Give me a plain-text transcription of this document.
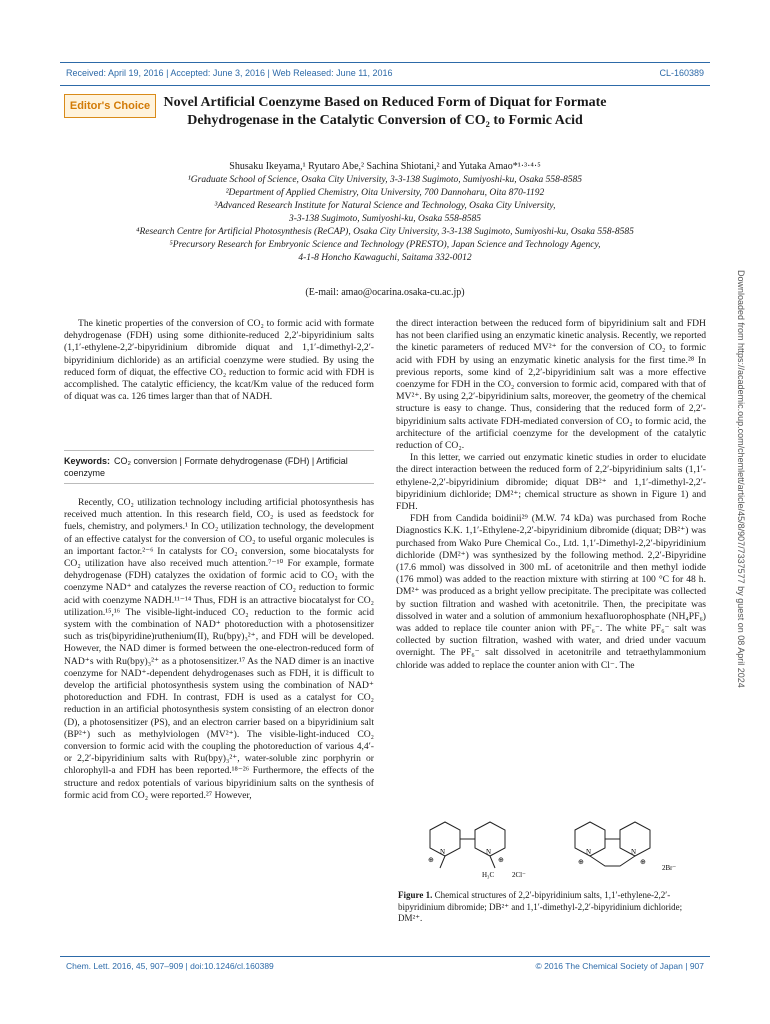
Received: April 19, 2016 | Accepted: June 3, 2016 | Web Released: June 11, 2016	CL-160389
Editor's Choice Novel Artificial Coenzyme Based on Reduced Form of Diquat for Formate Dehydrogenase in the Catalytic Conversion of CO₂ to Formic Acid
Shusaku Ikeyama,¹ Ryutaro Abe,² Sachina Shiotani,² and Yutaka Amao*¹·³·⁴·⁵
¹Graduate School of Science, Osaka City University, 3-3-138 Sugimoto, Sumiyoshi-ku, Osaka 558-8585
²Department of Applied Chemistry, Oita University, 700 Dannoharu, Oita 870-1192
³Advanced Research Institute for Natural Science and Technology, Osaka City University,
3-3-138 Sugimoto, Sumiyoshi-ku, Osaka 558-8585
⁴Research Centre for Artificial Photosynthesis (ReCAP), Osaka City University, 3-3-138 Sugimoto, Sumiyoshi-ku, Osaka 558-8585
⁵Precursory Research for Embryonic Science and Technology (PRESTO), Japan Science and Technology Agency,
4-1-8 Honcho Kawaguchi, Saitama 332-0012
(E-mail: amao@ocarina.osaka-cu.ac.jp)

The kinetic properties of the conversion of CO₂ to formic acid with formate dehydrogenase (FDH) using some dithionite-reduced 2,2′-bipyridinium salts (1,1′-ethylene-2,2′-bipyridinium dibromide diquat and 1,1′-dimethyl-2,2′-bipyridinium dichloride) as an artificial coenzyme were studied. By using the reduced form of diquat, the effective CO₂ reduction to formic acid with FDH is accomplished. The catalytic efficiency, the kcat/Km value of the reduced form of diquat was ca. 126 times larger than that of NADH.

Keywords: CO₂ conversion | Formate dehydrogenase (FDH) | Artificial coenzyme

Recently, CO₂ utilization technology including artificial photosynthesis has received much attention. In this research field, CO₂ is used as feedstock for fuels, chemistry, and polymers.¹ In CO₂ utilization technology, the development of an effective catalyst for the conversion of CO₂ to useful organic molecules is an important factor.²⁻⁶ In catalysts for CO₂ conversion, some biocatalysts for CO₂ utilization have also received much attention.⁷⁻¹⁰ For example, formate dehydrogenase (FDH) catalyzes the oxidation of formic acid to CO₂ with the coenzyme NAD⁺ and catalyzes the reverse reaction of CO₂ reduction to formic acid with coenzyme NADH.¹¹⁻¹⁴ Thus, FDH is an attractive biocatalyst for CO₂ utilization.¹⁵,¹⁶ The visible-light-induced CO₂ reduction to the formic acid system with the combination of NAD⁺ photoreduction with a photosensitizer such as tris(bipyridine)ruthenium(II), Ru(bpy)₃²⁺, and FDH will be developed. However, the NAD dimer is formed between the one-electron-reduced form of NAD⁺s with Ru(bpy)₃²⁺ as a photosensitizer.¹⁷ As the NAD dimer is an inactive coenzyme for NAD⁺-dependent dehydrogenases such as FDH, it is difficult to develop the artificial photosynthesis system using the combination of NAD⁺ photoreduction and FDH. In contrast, FDH is used as a catalyst for CO₂ reduction in an artificial photosynthesis system consisting of an electron donor (D), a photosensitizer (PS), and an electron carrier based on a bipyridinium salt (BP²⁺) such as methylviologen (MV²⁺). The visible-light-induced CO₂ conversion to formic acid with the coupling the photoreduction of various 4,4′- or 2,2′-bipyridinium salts with Ru(bpy)₃²⁺, water-soluble zinc porphyrin or chlorophyll-a and FDH has been reported.¹⁸⁻²⁶ Furthermore, the effects of the structure and redox potentials of various bipyridinium salts on the synthesis of formic acid from CO₂ were reported.²⁷ However,

the direct interaction between the reduced form of bipyridinium salt and FDH has not been clarified using an enzymatic kinetic analysis. Recently, we reported the kinetic parameters of reduced MV²⁺ for the conversion of CO₂ to formic acid with FDH by using an enzymatic kinetic analysis for the first time.²⁸ In previous reports, some kind of 2,2′-bipyridinium salt was a more effective coenzyme for FDH in the CO₂ conversion to formic acid, compared with that of MV²⁺. By using 2,2′-bipyridinium salts, moreover, the geometry of the chemical structure is easy to change. Thus, considering that the reduced form of 2,2′-bipyridinium salts activate FDH-mediated conversion of CO₂ to formic acid, the architecture of the artificial coenzyme for the development of the catalytic reduction of CO₂.

In this letter, we carried out enzymatic kinetic studies in order to elucidate the direct interaction between the reduced form of 2,2′-bipyridinium salts (1,1′-ethylene-2,2′-bipyridinium dibromide; diquat DB²⁺ and 1,1′-dimethyl-2,2′-bipyridinium dichloride; DM²⁺; chemical structure as shown in Figure 1) and FDH.

FDH from Candida boidinii²⁹ (M.W. 74 kDa) was purchased from Roche Diagnostics K.K. 1,1′-Ethylene-2,2′-bipyridinium dibromide (diquat; DB²⁺) was purchased from Wako Pure Chemical Co., Ltd. 1,1′-Dimethyl-2,2′-bipyridinium dichloride (DM²⁺) was synthesized by the following method. 2,2′-Bipyridine (17.6 mmol) was dissolved in 300 mL of acetonitrile and then methyl iodide (176 mmol) was added to the reaction mixture with stirring at 100 °C for 48 h. DM²⁺ was produced as a bright yellow precipitate. The precipitate was collected by suction filtration and washed with acetonitrile. Then, the precipitate was dissolved in water and a solution of ammonium hexafluorophosphate (NH₄PF₆) was added to replace tile counter anion with PF₆⁻. The white PF₆⁻ salt was collected by suction filtration, washed with water, and dried under vacuum overnight. The PF₆⁻ salt dissolved in acetonitrile and tetraethylammonium chloride was added to replace the counter anion with Cl⁻. The

N	N
⊕	⊕
H₃C	2Cl⁻
N	N
⊕	⊕
2Br⁻
Figure 1. Chemical structures of 2,2′-bipyridinium salts, 1,1′-ethylene-2,2′-bipyridinium dibromide; DB²⁺ and 1,1′-dimethyl-2,2′-bipyridinium dichloride; DM²⁺.
Chem. Lett. 2016, 45, 907–909 | doi:10.1246/cl.160389	© 2016 The Chemical Society of Japan | 907
Downloaded from https://academic.oup.com/chemlett/article/45/8/907/7337577 by guest on 08 April 2024
